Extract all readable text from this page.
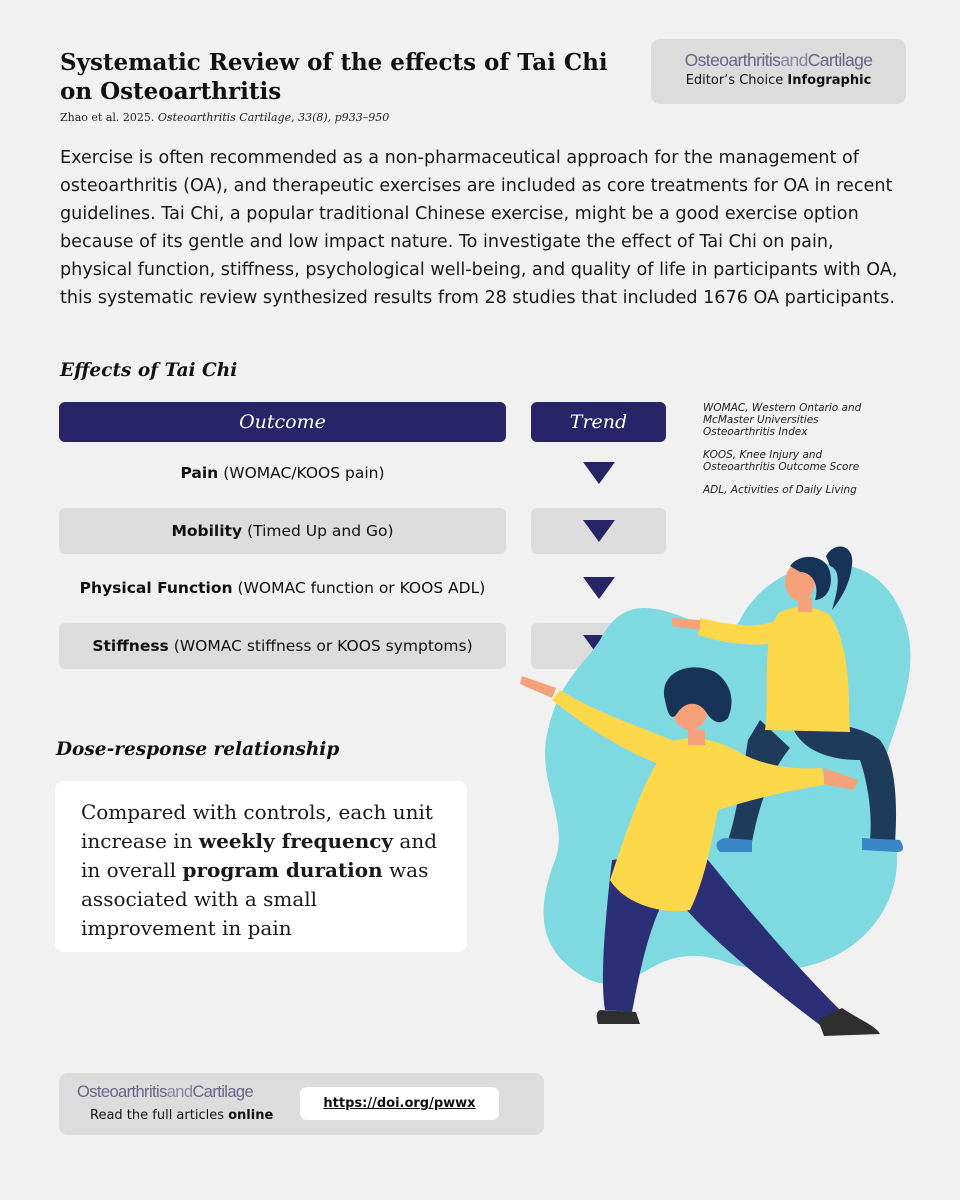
Systematic Review of the effects of Tai Chi on Osteoarthritis
Zhao et al. 2025. Osteoarthritis Cartilage, 33(8), p933–950
OsteoarthritisandCartilage
Editor’s Choice Infographic

Exercise is often recommended as a non-pharmaceutical approach for the management of osteoarthritis (OA), and therapeutic exercises are included as core treatments for OA in recent guidelines. Tai Chi, a popular traditional Chinese exercise, might be a good exercise option because of its gentle and low impact nature. To investigate the effect of Tai Chi on pain, physical function, stiffness, psychological well-being, and quality of life in participants with OA, this systematic review synthesized results from 28 studies that included 1676 OA participants.

Effects of Tai Chi
Outcome	Trend
Pain (WOMAC/KOOS pain)
Mobility (Timed Up and Go)
Physical Function (WOMAC function or KOOS ADL)
Stiffness (WOMAC stiffness or KOOS symptoms)

WOMAC, Western Ontario and McMaster Universities Osteoarthritis Index

KOOS, Knee Injury and Osteoarthritis Outcome Score

ADL, Activities of Daily Living

Dose-response relationship

Compared with controls, each unit increase in weekly frequency and in overall program duration was associated with a small improvement in pain

OsteoarthritisandCartilage
Read the full articles online
https://doi.org/pwwx
